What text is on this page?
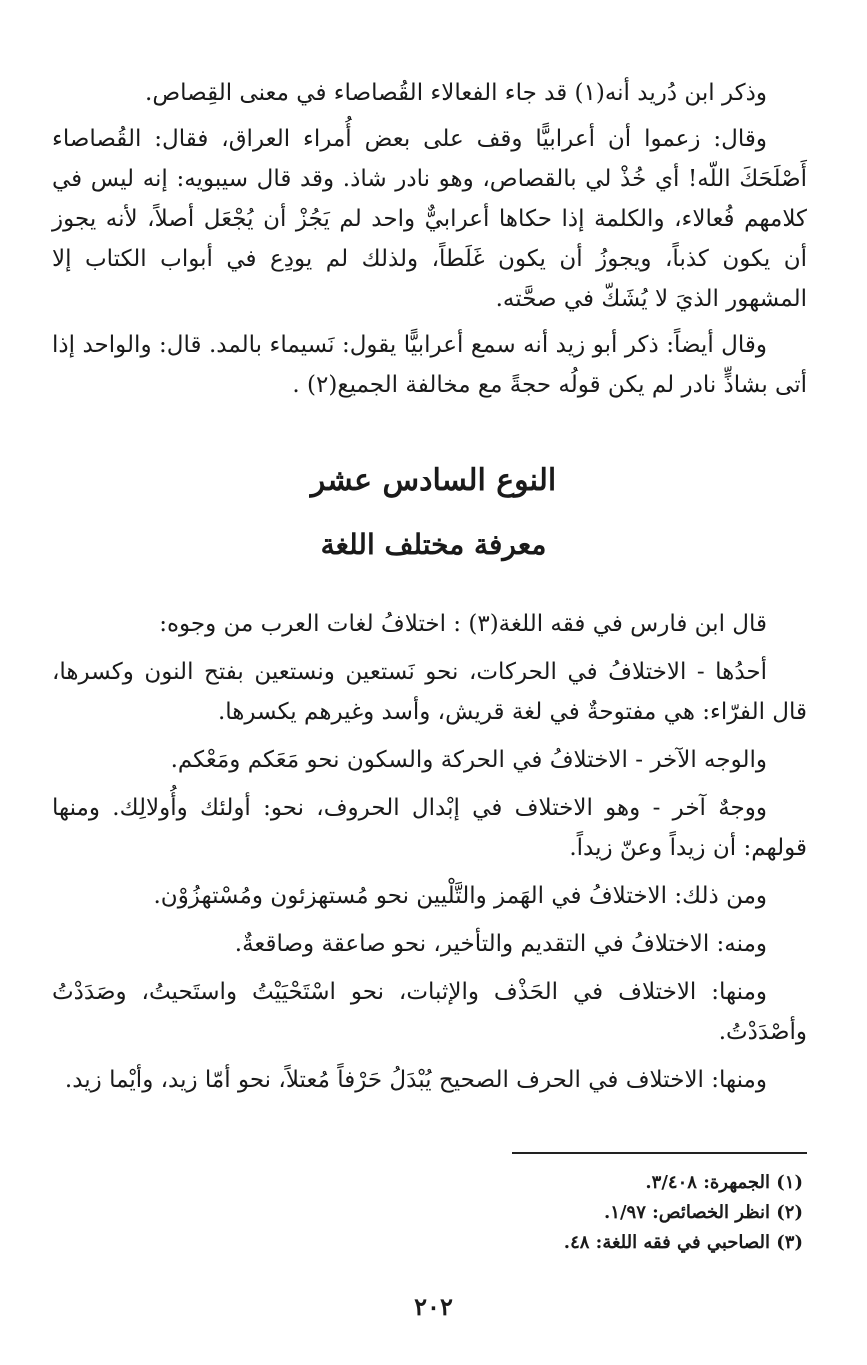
وذكر ابن دُريد أنه(١) قد جاء الفعالاء القُصاصاء في معنى القِصاص.

وقال: زعموا أن أعرابيًّا وقف على بعض أُمراء العراق، فقال: القُصاصاء أَصْلَحَكَ اللّه! أي خُذْ لي بالقصاص، وهو نادر شاذ. وقد قال سيبويه: إنه ليس في كلامهم فُعالاء، والكلمة إذا حكاها أعرابيٌّ واحد لم يَجُزْ أن يُجْعَل أصلاً، لأنه يجوز أن يكون كذباً، ويجوزُ أن يكون غَلَطاً، ولذلك لم يودِع في أبواب الكتاب إلا المشهور الذيَ لا يُشَكّ في صحَّته.

وقال أيضاً: ذكر أبو زيد أنه سمع أعرابيًّا يقول: نَسيماء بالمد. قال: والواحد إذا أتى بشاذٍّ نادر لم يكن قولُه حجةً مع مخالفة الجميع(٢) .

النوع السادس عشر
معرفة مختلف اللغة

قال ابن فارس في فقه اللغة(٣) : اختلافُ لغات العرب من وجوه:

أحدُها - الاختلافُ في الحركات، نحو نَستعين ونستعين بفتح النون وكسرها، قال الفرّاء: هي مفتوحةٌ في لغة قريش، وأسد وغيرهم يكسرها.

والوجه الآخر - الاختلافُ في الحركة والسكون نحو مَعَكم ومَعْكم.

ووجهٌ آخر - وهو الاختلاف في إبْدال الحروف، نحو: أولئك وأُولالِك. ومنها قولهم: أن زيداً وعنّ زيداً.

ومن ذلك: الاختلافُ في الهَمز والتَّلْيين نحو مُستهزئون ومُسْتهزُوْن.

ومنه: الاختلافُ في التقديم والتأخير، نحو صاعقة وصاقعةٌ.

ومنها: الاختلاف في الحَذْف والإثبات، نحو اسْتَحْيَيْتُ واستَحيتُ، وصَدَدْتُ وأصْدَدْتُ.

ومنها: الاختلاف في الحرف الصحيح يُبْدَلُ حَرْفاً مُعتلاً، نحو أمّا زيد، وأيْما زيد.

(١) الجمهرة: ٣/٤٠٨.

(٢) انظر الخصائص: ١/٩٧.

(٣) الصاحبي في فقه اللغة: ٤٨.

٢٠٢
